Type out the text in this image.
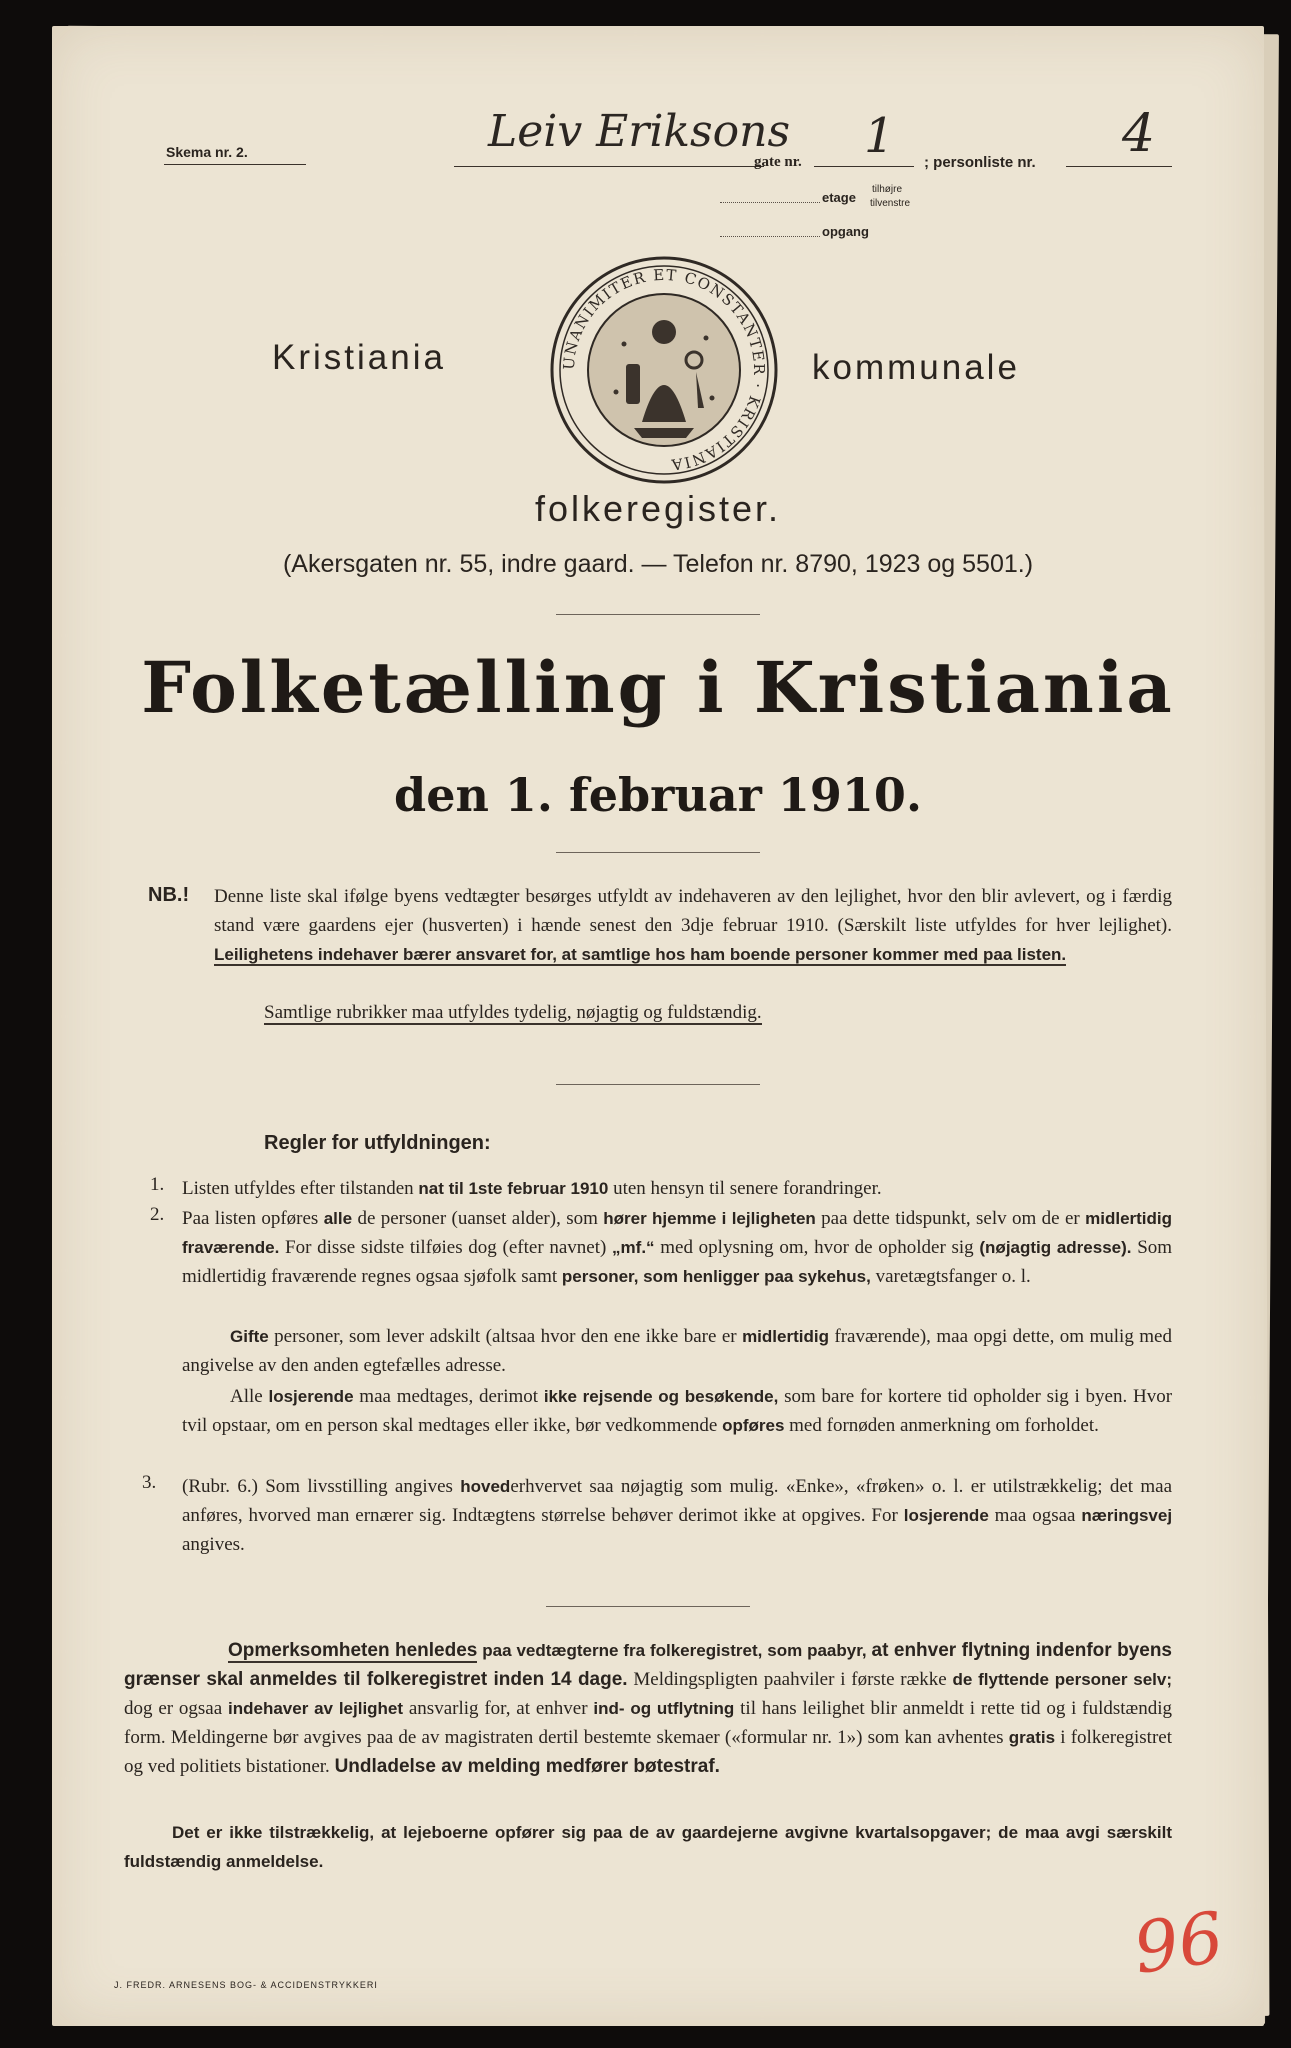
Skema nr. 2.	Leiv Eriksons
gate nr. 1 ; personliste nr. 4
etage
tilhøjre
tilvenstre
opgang
Kristiania	UNANIMITER ET CONSTANTER · KRISTIANIA
kommunale
folkeregister.
(Akersgaten nr. 55, indre gaard. — Telefon nr. 8790, 1923 og 5501.)
Folketælling i Kristiania
den 1. februar 1910.
NB.! Denne liste skal ifølge byens vedtægter besørges utfyldt av indehaveren av den lejlighet, hvor den blir avlevert, og i færdig stand være gaardens ejer (husverten) i hænde senest den 3dje februar 1910. (Særskilt liste utfyldes for hver lejlighet). Leilighetens indehaver bærer ansvaret for, at samtlige hos ham boende personer kommer med paa listen.
Samtlige rubrikker maa utfyldes tydelig, nøjagtig og fuldstændig.
Regler for utfyldningen:
1. Listen utfyldes efter tilstanden nat til 1ste februar 1910 uten hensyn til senere forandringer.
2. Paa listen opføres alle de personer (uanset alder), som hører hjemme i lejligheten paa dette tidspunkt, selv om de er midlertidig fraværende. For disse sidste tilføies dog (efter navnet) „mf.“ med oplysning om, hvor de opholder sig (nøjagtig adresse). Som midlertidig fraværende regnes ogsaa sjøfolk samt personer, som henligger paa sykehus, varetægtsfanger o. l.
Gifte personer, som lever adskilt (altsaa hvor den ene ikke bare er midlertidig fraværende), maa opgi dette, om mulig med angivelse av den anden egtefælles adresse.
Alle losjerende maa medtages, derimot ikke rejsende og besøkende, som bare for kortere tid opholder sig i byen. Hvor tvil opstaar, om en person skal medtages eller ikke, bør vedkommende opføres med fornøden anmerkning om forholdet.
3. (Rubr. 6.) Som livsstilling angives hovederhvervet saa nøjagtig som mulig. «Enke», «frøken» o. l. er utilstrækkelig; det maa anføres, hvorved man ernærer sig. Indtægtens størrelse behøver derimot ikke at opgives. For losjerende maa ogsaa næringsvej angives.
Opmerksomheten henledes paa vedtægterne fra folkeregistret, som paabyr, at enhver flytning indenfor byens grænser skal anmeldes til folkeregistret inden 14 dage. Meldingspligten paahviler i første række de flyttende personer selv; dog er ogsaa indehaver av lejlighet ansvarlig for, at enhver ind- og utflytning til hans leilighet blir anmeldt i rette tid og i fuldstændig form. Meldingerne bør avgives paa de av magistraten dertil bestemte skemaer («formular nr. 1») som kan avhentes gratis i folkeregistret og ved politiets bistationer. Undladelse av melding medfører bøtestraf.
Det er ikke tilstrækkelig, at lejeboerne opfører sig paa de av gaardejerne avgivne kvartalsopgaver; de maa avgi særskilt fuldstændig anmeldelse.
J. FREDR. ARNESENS BOG- & ACCIDENSTRYKKERI	96
